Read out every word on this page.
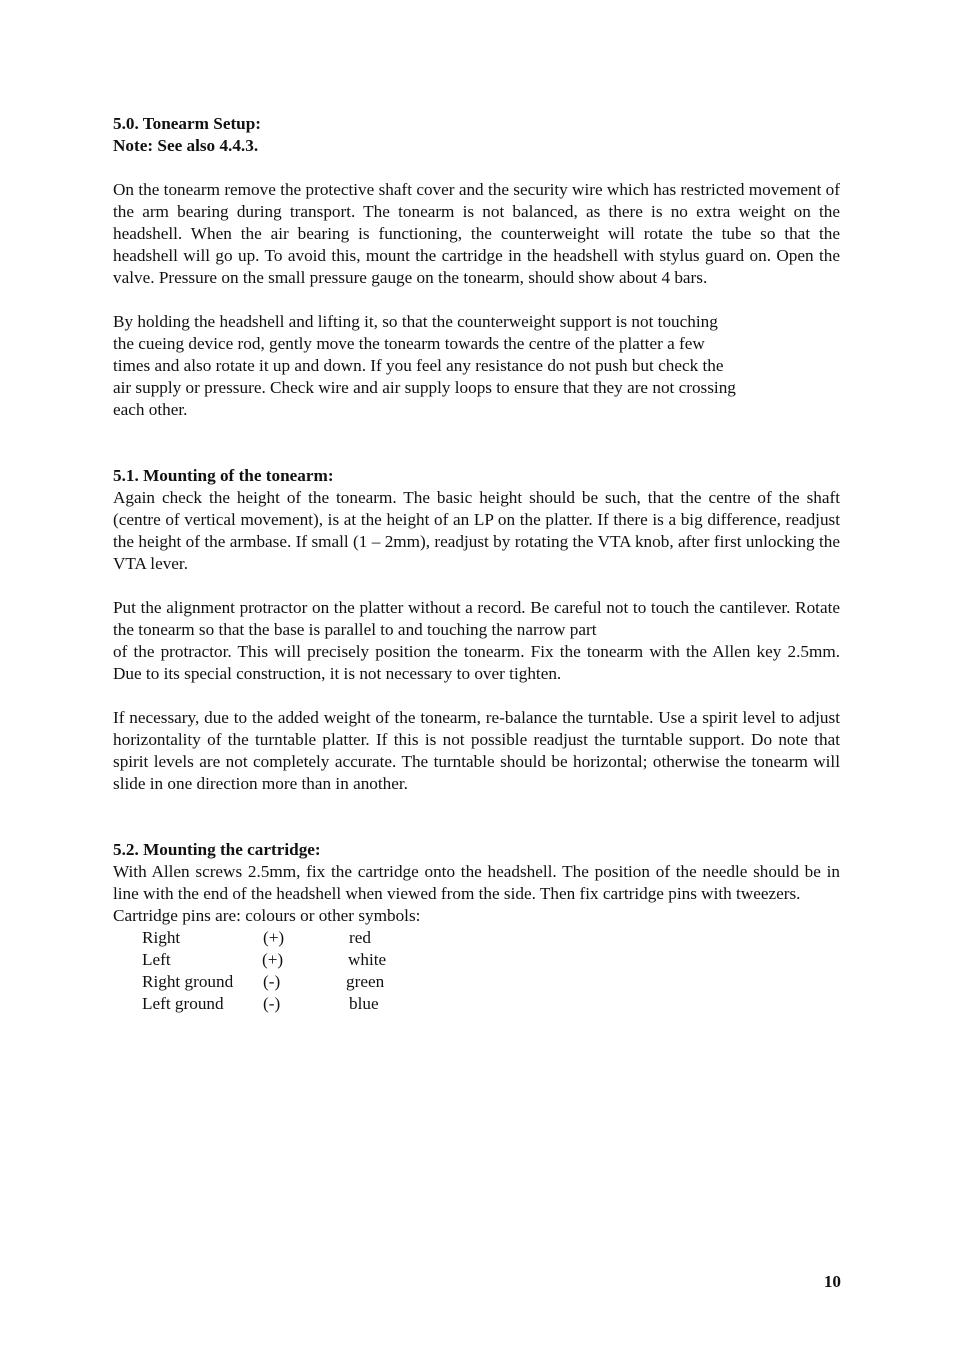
5.0. Tonearm Setup:

Note: See also 4.4.3.

On the tonearm remove the protective shaft cover and the security wire which has restricted movement of the arm bearing during transport. The tonearm is not balanced, as there is no extra weight on the headshell. When the air bearing is functioning, the counterweight will rotate the tube so that the headshell will go up. To avoid this, mount the cartridge in the headshell with stylus guard on. Open the valve. Pressure on the small pressure gauge on the tonearm, should show about 4 bars.

By holding the headshell and lifting it, so that the counterweight support is not touching
the cueing device rod, gently move the tonearm towards the centre of the platter a few
times and also rotate it up and down. If you feel any resistance do not push but check the
air supply or pressure. Check wire and air supply loops to ensure that they are not crossing
each other.

5.1. Mounting of the tonearm:

Again check the height of the tonearm. The basic height should be such, that the centre of the shaft (centre of vertical movement), is at the height of an LP on the platter. If there is a big difference, readjust the height of the armbase. If small (1 – 2mm), readjust by rotating the VTA knob, after first unlocking the VTA lever.

Put the alignment protractor on the platter without a record. Be careful not to touch the cantilever. Rotate the tonearm so that the base is parallel to and touching the narrow part
of the protractor. This will precisely position the tonearm. Fix the tonearm with the Allen key 2.5mm. Due to its special construction, it is not necessary to over tighten.

If necessary, due to the added weight of the tonearm, re-balance the turntable. Use a spirit level to adjust horizontality of the turntable platter. If this is not possible readjust the turntable support. Do note that spirit levels are not completely accurate. The turntable should be horizontal; otherwise the tonearm will slide in one direction more than in another.

5.2. Mounting the cartridge:

With Allen screws 2.5mm, fix the cartridge onto the headshell. The position of the needle should be in line with the end of the headshell when viewed from the side. Then fix cartridge pins with tweezers.

Cartridge pins are: colours or other symbols:

Right	(+)	red
Left	(+)	white
Right ground (-)	green
Left ground (-)	blue
10
